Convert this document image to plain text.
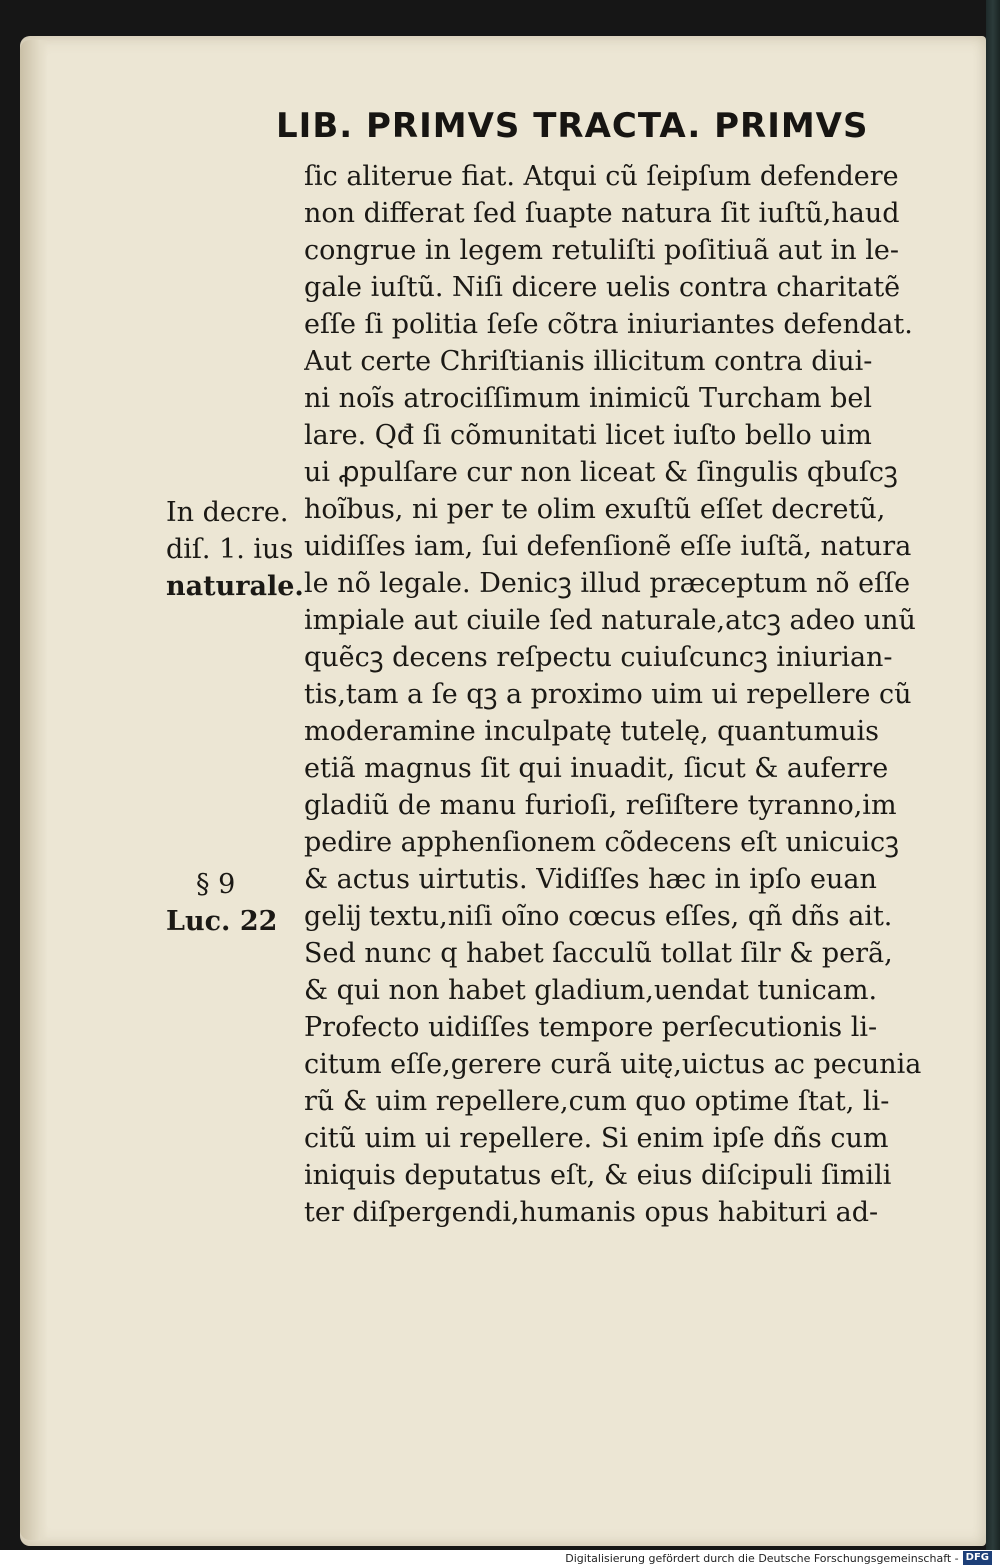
LIB. PRIMVS TRACTA. PRIMVS
ſic aliterue fiat. Atqui cũ ſeipſum defendere
non differat ſed ſuapte natura ſit iuſtũ,haud
congrue in legem retuliſti poſitiuã aut in le-
gale iuſtũ. Niſi dicere uelis contra charitatẽ
eſſe ſi politia ſeſe cõtra iniuriantes defendat.
Aut certe Chriſtianis illicitum contra diui-
ni noĩs atrociſſimum inimicũ Turcham bel
lare. Qđ ſi cõmunitati licet iuſto bello uim
ui ꝓpulſare cur non liceat & ſingulis qbuſcꝫ
hoĩbus, ni per te olim exuſtũ eſſet decretũ,
uidiſſes iam, ſui defenſionẽ eſſe iuſtã, natura
le nõ legale. Denicꝫ illud præceptum nõ eſſe
impiale aut ciuile ſed naturale,atcꝫ adeo unũ
quẽcꝫ decens reſpectu cuiuſcuncꝫ iniurian-
tis,tam a ſe qꝫ a proximo uim ui repellere cũ
moderamine inculpatę tutelę, quantumuis
etiã magnus ſit qui inuadit, ſicut & auferre
gladiũ de manu furioſi, reſiſtere tyranno,im
pedire apphenſionem cõdecens eſt unicuicꝫ
& actus uirtutis. Vidiſſes hæc in ipſo euan
gelĳ textu,niſi oĩno cœcus eſſes, qñ dñs ait.
Sed nunc q habet ſacculũ tollat ſilr & perã,
& qui non habet gladium,uendat tunicam.
Profecto uidiſſes tempore perſecutionis li-
citum eſſe,gerere curã uitę,uictus ac pecunia
rũ & uim repellere,cum quo optime ſtat, li-
citũ uim ui repellere. Si enim ipſe dñs cum
iniquis deputatus eſt, & eius diſcipuli ſimili
ter diſpergendi,humanis opus habituri ad-
In decre.
diſ. 1. ius
naturale.
§ 9
Luc. 22
Digitalisierung gefördert durch die Deutsche Forschungsgemeinschaft - DFG
